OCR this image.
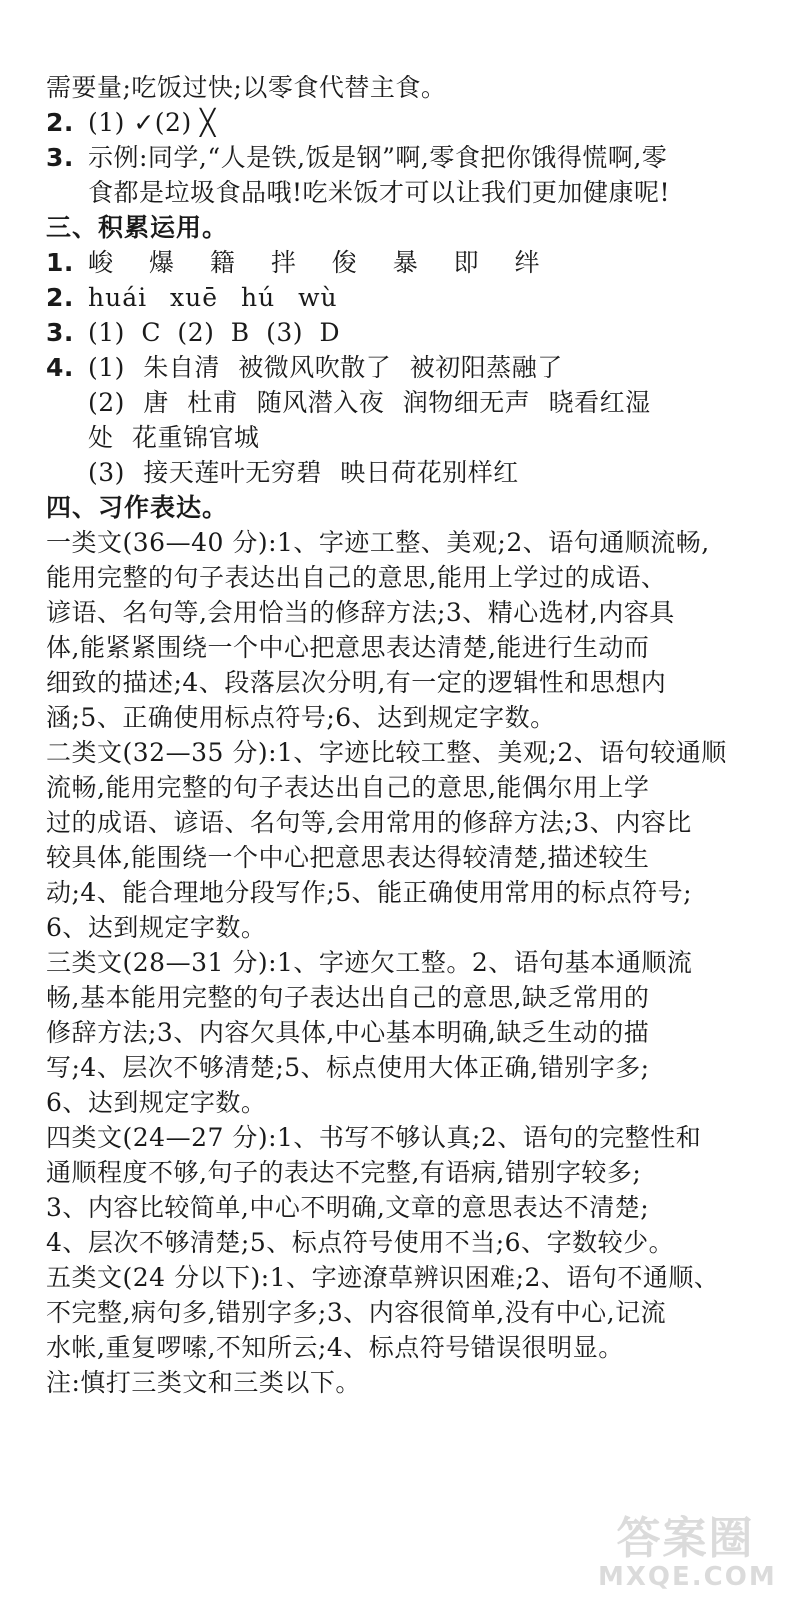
需要量;吃饭过快;以零食代替主食。
2. (1) ✓(2) ╳
3. 示例:同学,“人是铁,饭是钢”啊,零食把你饿得慌啊,零
食都是垃圾食品哦!吃米饭才可以让我们更加健康呢!
三、积累运用。
1. 峻 爆 籍 拌 俊 暴 即 绊
2. huái xuē hú wù
3. (1) C (2) B (3) D
4. (1) 朱自清 被微风吹散了 被初阳蒸融了
(2) 唐 杜甫 随风潜入夜 润物细无声 晓看红湿
处 花重锦官城
(3) 接天莲叶无穷碧 映日荷花别样红
四、习作表达。
一类文(36—40 分):1、字迹工整、美观;2、语句通顺流畅,
能用完整的句子表达出自己的意思,能用上学过的成语、
谚语、名句等,会用恰当的修辞方法;3、精心选材,内容具
体,能紧紧围绕一个中心把意思表达清楚,能进行生动而
细致的描述;4、段落层次分明,有一定的逻辑性和思想内
涵;5、正确使用标点符号;6、达到规定字数。
二类文(32—35 分):1、字迹比较工整、美观;2、语句较通顺
流畅,能用完整的句子表达出自己的意思,能偶尔用上学
过的成语、谚语、名句等,会用常用的修辞方法;3、内容比
较具体,能围绕一个中心把意思表达得较清楚,描述较生
动;4、能合理地分段写作;5、能正确使用常用的标点符号;
6、达到规定字数。
三类文(28—31 分):1、字迹欠工整。2、语句基本通顺流
畅,基本能用完整的句子表达出自己的意思,缺乏常用的
修辞方法;3、内容欠具体,中心基本明确,缺乏生动的描
写;4、层次不够清楚;5、标点使用大体正确,错别字多;
6、达到规定字数。
四类文(24—27 分):1、书写不够认真;2、语句的完整性和
通顺程度不够,句子的表达不完整,有语病,错别字较多;
3、内容比较简单,中心不明确,文章的意思表达不清楚;
4、层次不够清楚;5、标点符号使用不当;6、字数较少。
五类文(24 分以下):1、字迹潦草辨识困难;2、语句不通顺、
不完整,病句多,错别字多;3、内容很简单,没有中心,记流
水帐,重复啰嗦,不知所云;4、标点符号错误很明显。
注:慎打三类文和三类以下。
答案圈
MXQE.COM
